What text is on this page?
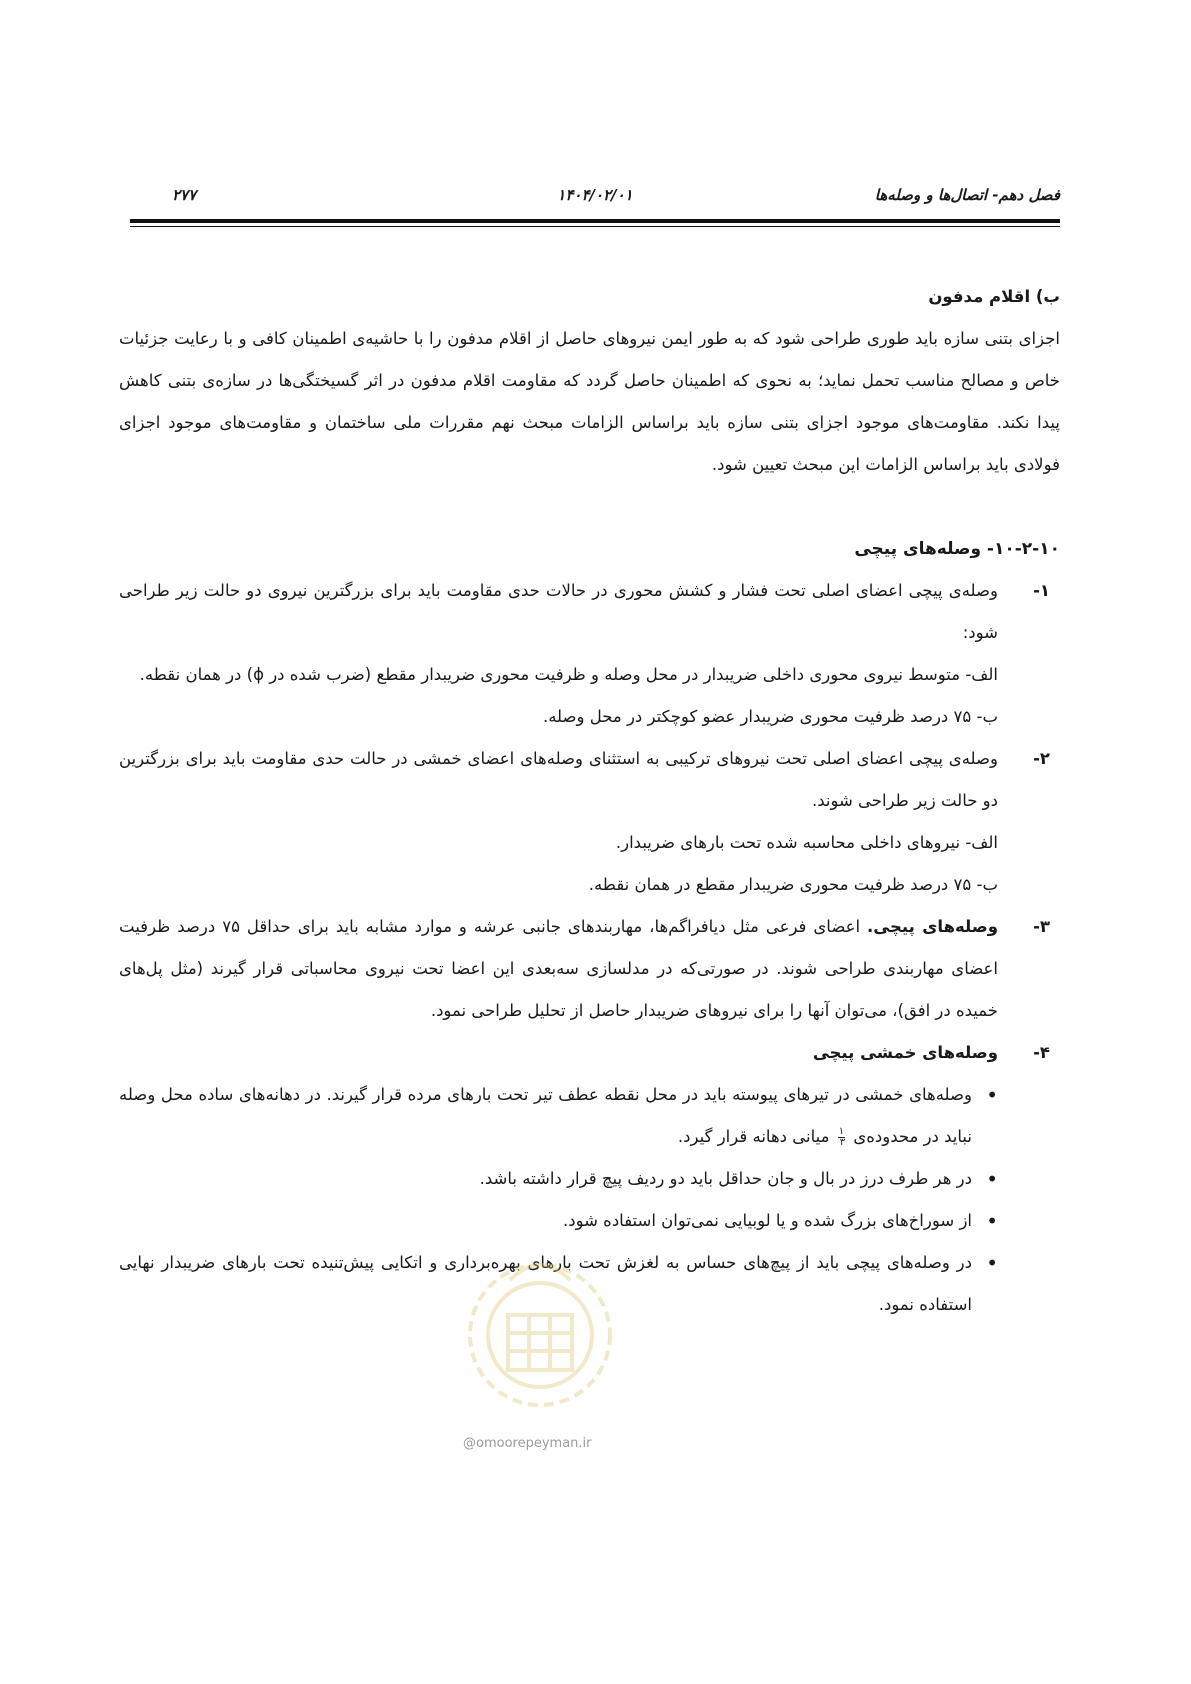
فصل دهم- اتصال‌ها و وصله‌ها
۱۴۰۴/۰۲/۰۱
۲۷۷

ب) اقلام مدفون

اجزای بتنی سازه باید طوری طراحی شود که به طور ایمن نیروهای حاصل از اقلام مدفون را با حاشیه‌ی اطمینان کافی و با رعایت جزئیات خاص و مصالح مناسب تحمل نماید؛ به نحوی که اطمینان حاصل گردد که مقاومت اقلام مدفون در اثر گسیختگی‌ها در سازه‌ی بتنی کاهش پیدا نکند. مقاومت‌های موجود اجزای بتنی سازه باید براساس الزامات مبحث نهم مقررات ملی ساختمان و مقاومت‌های موجود اجزای فولادی باید براساس الزامات این مبحث تعیین شود.

۱۰-۲-۱۰- وصله‌های پیچی

۱-
وصله‌ی پیچی اعضای اصلی تحت فشار و کشش محوری در حالات حدی مقاومت باید برای بزرگترین نیروی دو حالت زیر طراحی شود:

الف- متوسط نیروی محوری داخلی ضریبدار در محل وصله و ظرفیت محوری ضریبدار مقطع (ضرب شده در ϕ) در همان نقطه.

ب- ۷۵ درصد ظرفیت محوری ضریبدار عضو کوچکتر در محل وصله.

۲-
وصله‌ی پیچی اعضای اصلی تحت نیروهای ترکیبی به استثنای وصله‌های اعضای خمشی در حالت حدی مقاومت باید برای بزرگترین دو حالت زیر طراحی شوند.

الف- نیروهای داخلی محاسبه شده تحت بارهای ضریبدار.

ب- ۷۵ درصد ظرفیت محوری ضریبدار مقطع در همان نقطه.

۳-
وصله‌های پیچی. اعضای فرعی مثل دیافراگم‌ها، مهاربندهای جانبی عرشه و موارد مشابه باید برای حداقل ۷۵ درصد ظرفیت اعضای مهاربندی طراحی شوند. در صورتی‌که در مدلسازی سه‌بعدی این اعضا تحت نیروی محاسباتی قرار گیرند (مثل پل‌های خمیده در افق)، می‌توان آنها را برای نیروهای ضریبدار حاصل از تحلیل طراحی نمود.

۴-
وصله‌های خمشی پیچی

•
وصله‌های خمشی در تیرهای پیوسته باید در محل نقطه عطف تیر تحت بارهای مرده قرار گیرند. در دهانه‌های ساده محل وصله نباید در محدوده‌ی
$\frac{۱}{۳}$
میانی دهانه قرار گیرد.

•
در هر طرف درز در بال و جان حداقل باید دو ردیف پیچ قرار داشته باشد.

•
از سوراخ‌های بزرگ شده و یا لوبیایی نمی‌توان استفاده شود.

•
در وصله‌های پیچی باید از پیچ‌های حساس به لغزش تحت بارهای بهره‌برداری و اتکایی پیش‌تنیده تحت بارهای ضریبدار نهایی استفاده نمود.

@omoorepeyman.ir
